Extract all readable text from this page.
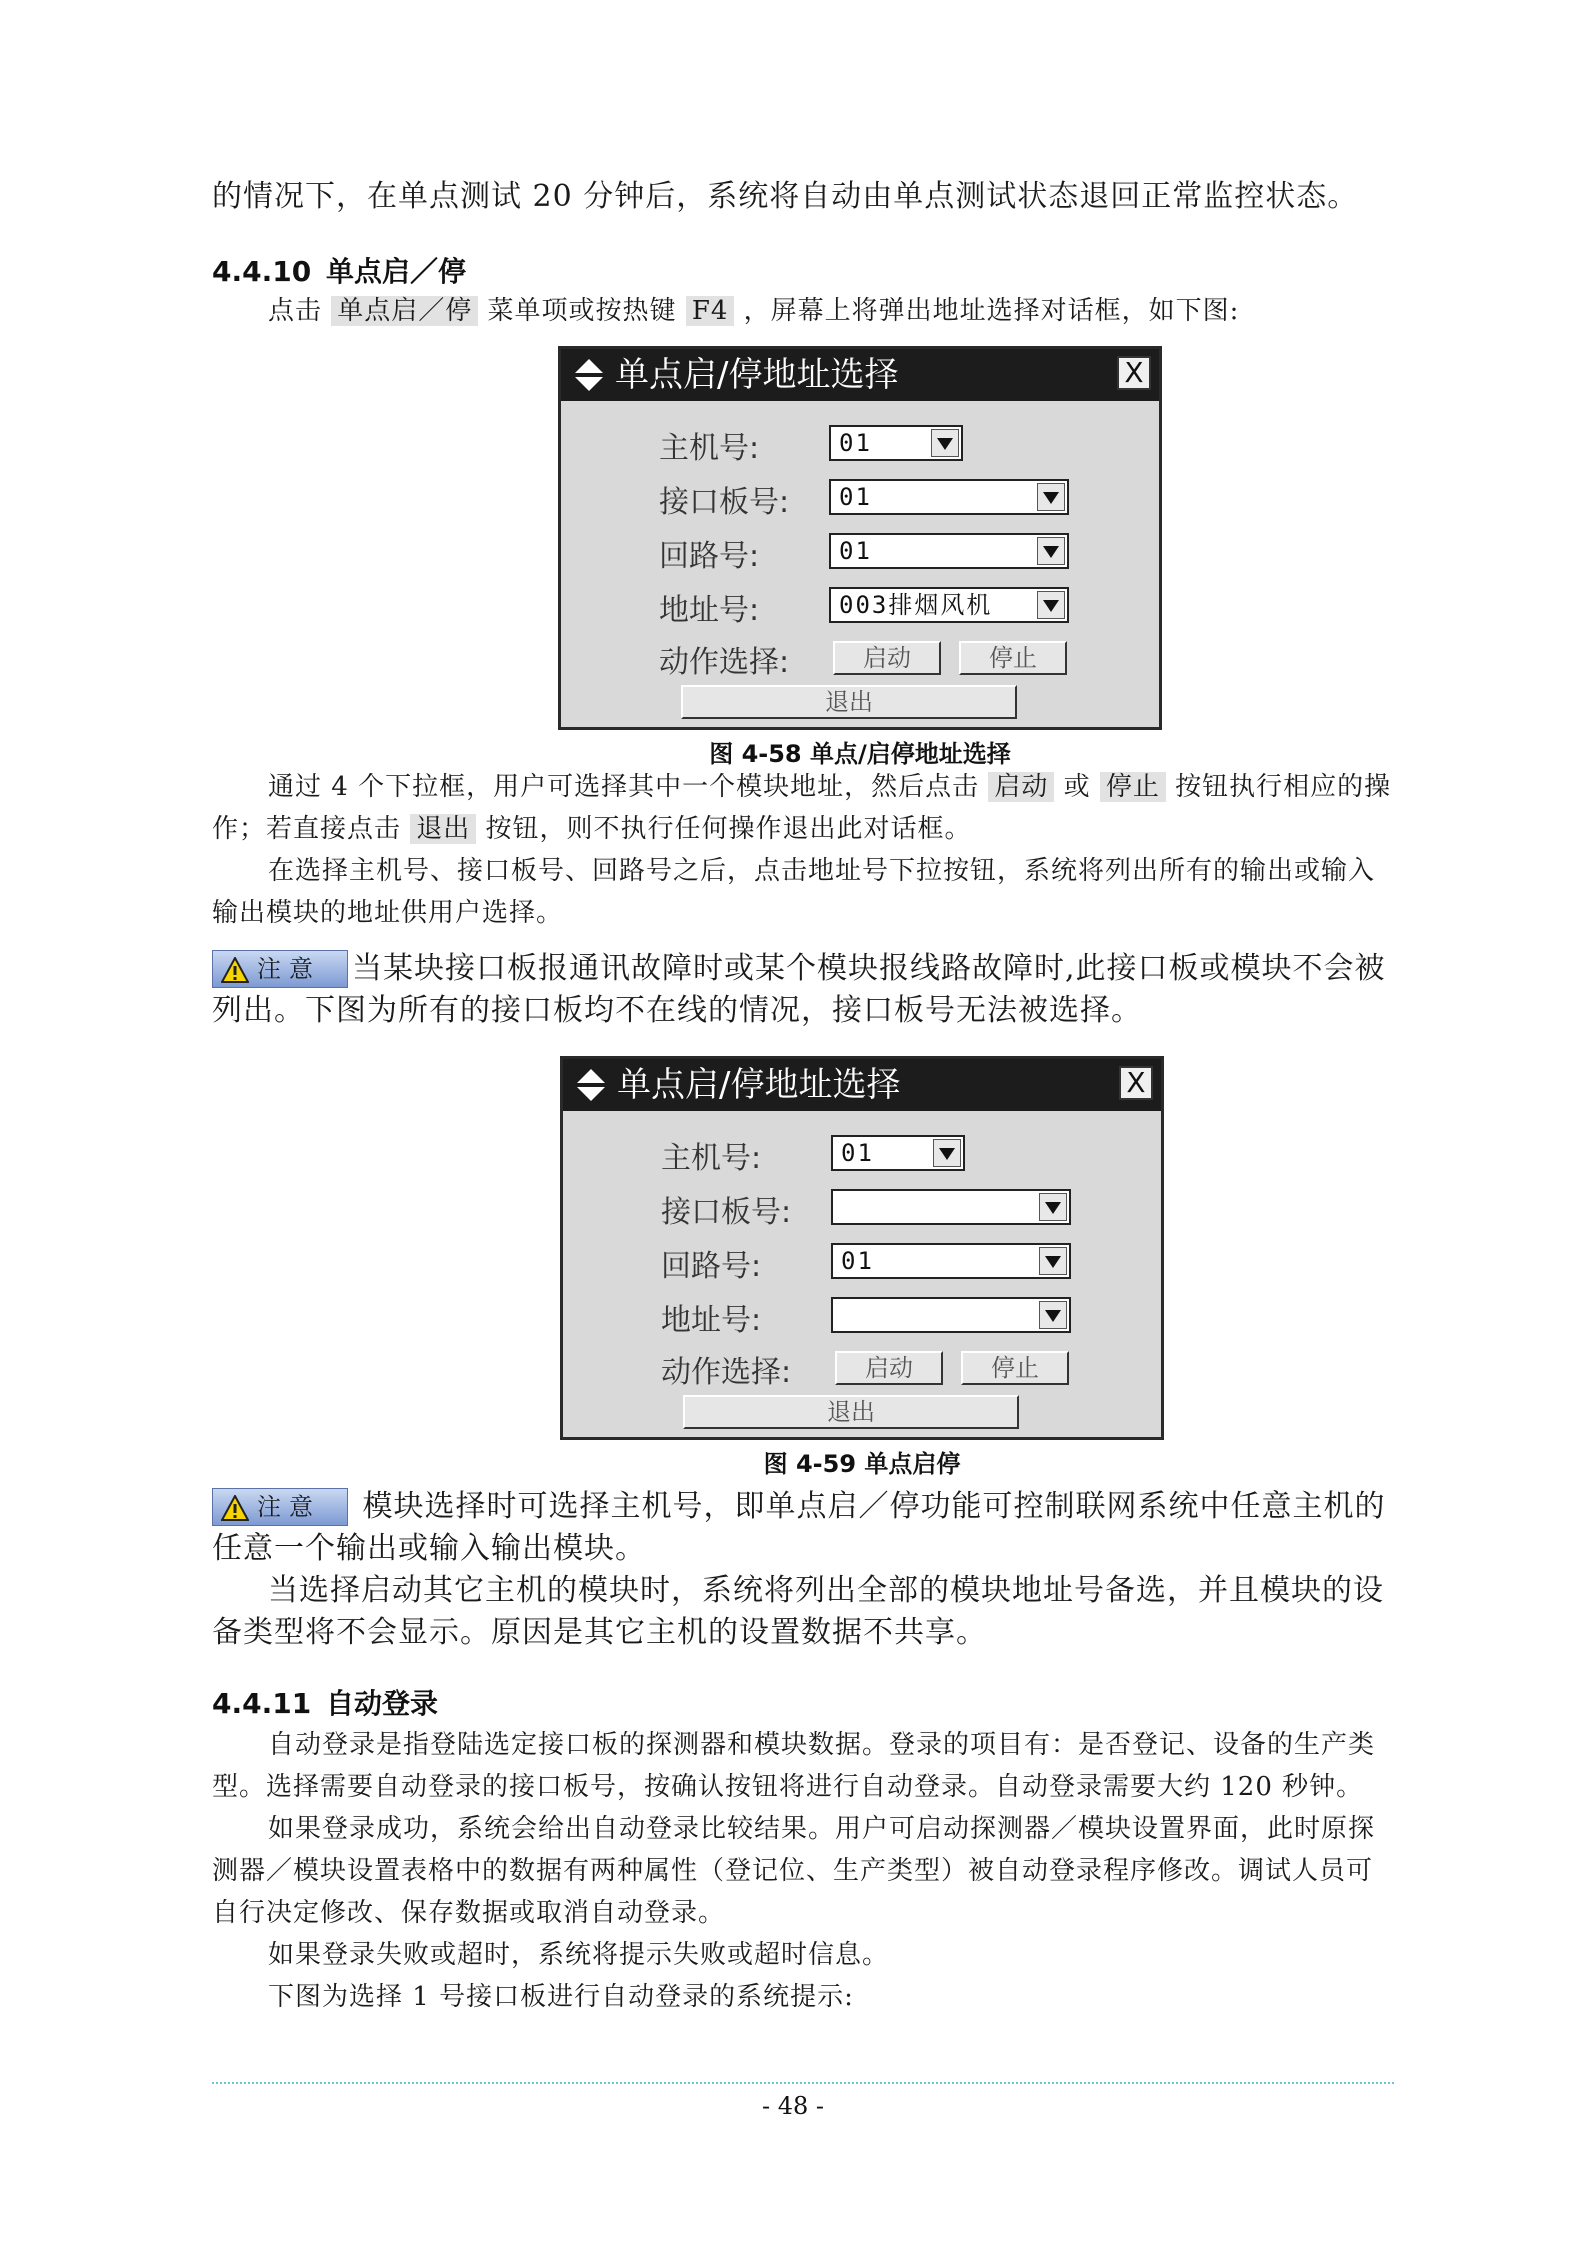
的情况下，在单点测试 20 分钟后，系统将自动由单点测试状态退回正常监控状态。
4.4.10 单点启／停
点击 单点启／停 菜单项或按热键 F4 ，屏幕上将弹出地址选择对话框，如下图:
单点启/停地址选择	X
主机号:	01
接口板号: 01
回路号:	01
地址号:	003排烟风机
动作选择:	启动	停止
退出
图 4-58 单点/启停地址选择
通过 4 个下拉框，用户可选择其中一个模块地址，然后点击 启动 或 停止 按钮执行相应的操作；若直接点击 退出 按钮，则不执行任何操作退出此对话框。
在选择主机号、接口板号、回路号之后，点击地址号下拉按钮，系统将列出所有的输出或输入输出模块的地址供用户选择。
注意 当某块接口板报通讯故障时或某个模块报线路故障时,此接口板或模块不会被列出。下图为所有的接口板均不在线的情况，接口板号无法被选择。
单点启/停地址选择	X
主机号:	01
接口板号:
回路号:	01
地址号:
动作选择:	启动	停止
退出
图 4-59 单点启停
注意 模块选择时可选择主机号，即单点启／停功能可控制联网系统中任意主机的任意一个输出或输入输出模块。
当选择启动其它主机的模块时，系统将列出全部的模块地址号备选，并且模块的设备类型将不会显示。原因是其它主机的设置数据不共享。
4.4.11 自动登录
自动登录是指登陆选定接口板的探测器和模块数据。登录的项目有：是否登记、设备的生产类型。选择需要自动登录的接口板号，按确认按钮将进行自动登录。自动登录需要大约 120 秒钟。
如果登录成功，系统会给出自动登录比较结果。用户可启动探测器／模块设置界面，此时原探测器／模块设置表格中的数据有两种属性（登记位、生产类型）被自动登录程序修改。调试人员可自行决定修改、保存数据或取消自动登录。
如果登录失败或超时，系统将提示失败或超时信息。
下图为选择 1 号接口板进行自动登录的系统提示:
- 48 -
